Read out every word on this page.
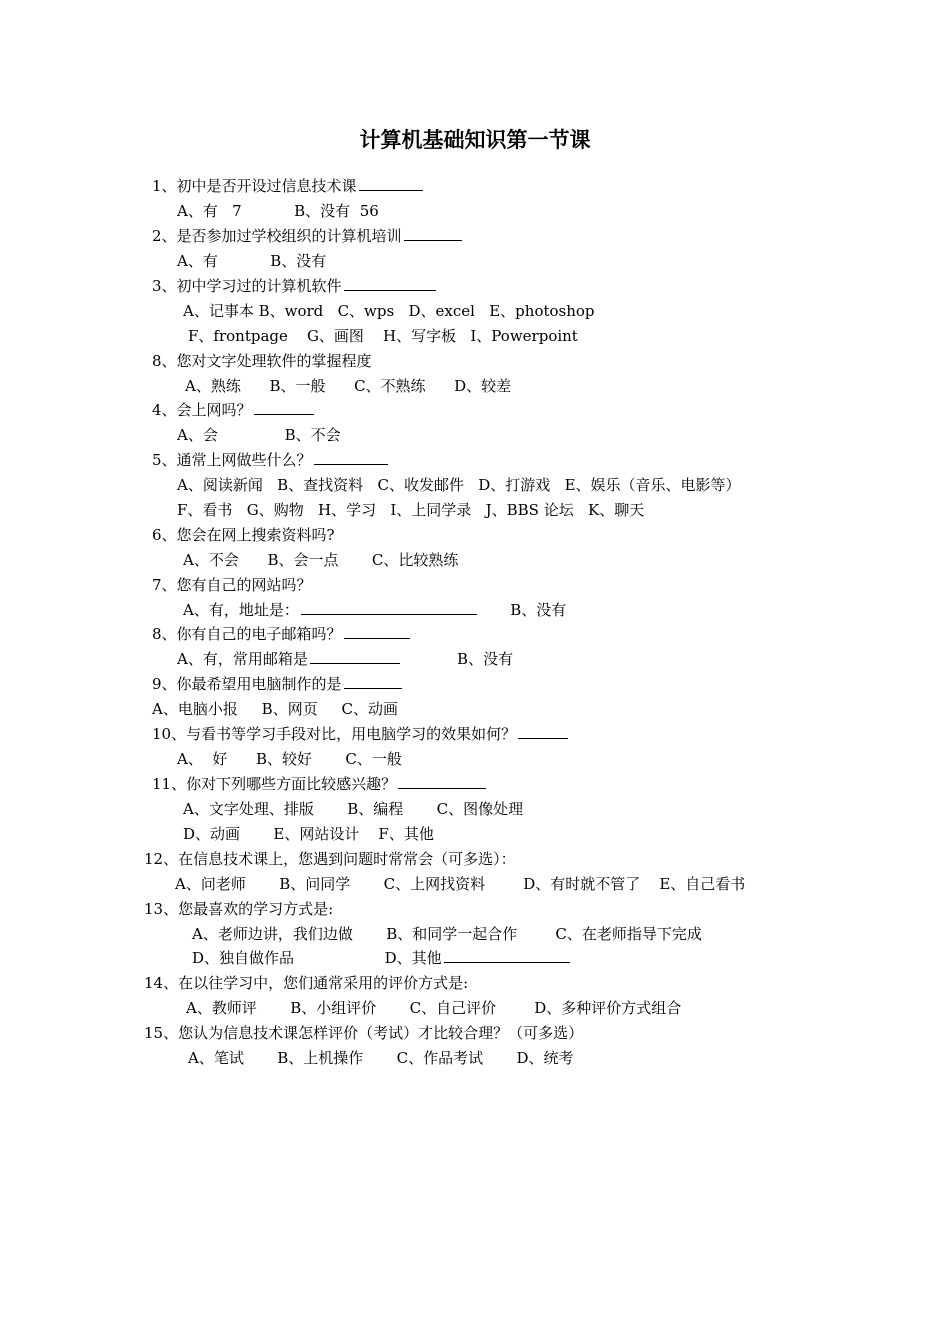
计算机基础知识第一节课
1、初中是否开设过信息技术课
A、有   7           B、没有  56
2、是否参加过学校组织的计算机培训
A、有           B、没有
3、初中学习过的计算机软件
A、记事本 B、word   C、wps   D、excel   E、photoshop
F、frontpage    G、画图    H、写字板   I、Powerpoint
8、您对文字处理软件的掌握程度
A、熟练      B、一般      C、不熟练      D、较差
4、会上网吗？
A、会              B、不会
5、通常上网做些什么？
A、阅读新闻   B、查找资料   C、收发邮件   D、打游戏   E、娱乐（音乐、电影等）
F、看书   G、购物   H、学习   I、上同学录   J、BBS 论坛   K、聊天
6、您会在网上搜索资料吗?
A、不会      B、会一点       C、比较熟练
7、您有自己的网站吗？
A、有，地址是：	B、没有
8、你有自己的电子邮箱吗？
A、有，常用邮箱是	B、没有
9、你最希望用电脑制作的是
A、电脑小报     B、网页     C、动画
10、与看书等学习手段对比，用电脑学习的效果如何？
A、  好      B、较好       C、一般
11、你对下列哪些方面比较感兴趣？
A、文字处理、排版       B、编程       C、图像处理
D、动画       E、网站设计    F、其他
12、在信息技术课上，您遇到问题时常常会（可多选）：
A、问老师       B、问同学       C、上网找资料        D、有时就不管了    E、自己看书
13、您最喜欢的学习方式是:
A、老师边讲，我们边做       B、和同学一起合作        C、在老师指导下完成
D、独自做作品                   D、其他
14、在以往学习中，您们通常采用的评价方式是:
A、教师评       B、小组评价       C、自己评价        D、多种评价方式组合
15、您认为信息技术课怎样评价（考试）才比较合理？（可多选）
A、笔试       B、上机操作       C、作品考试       D、统考
